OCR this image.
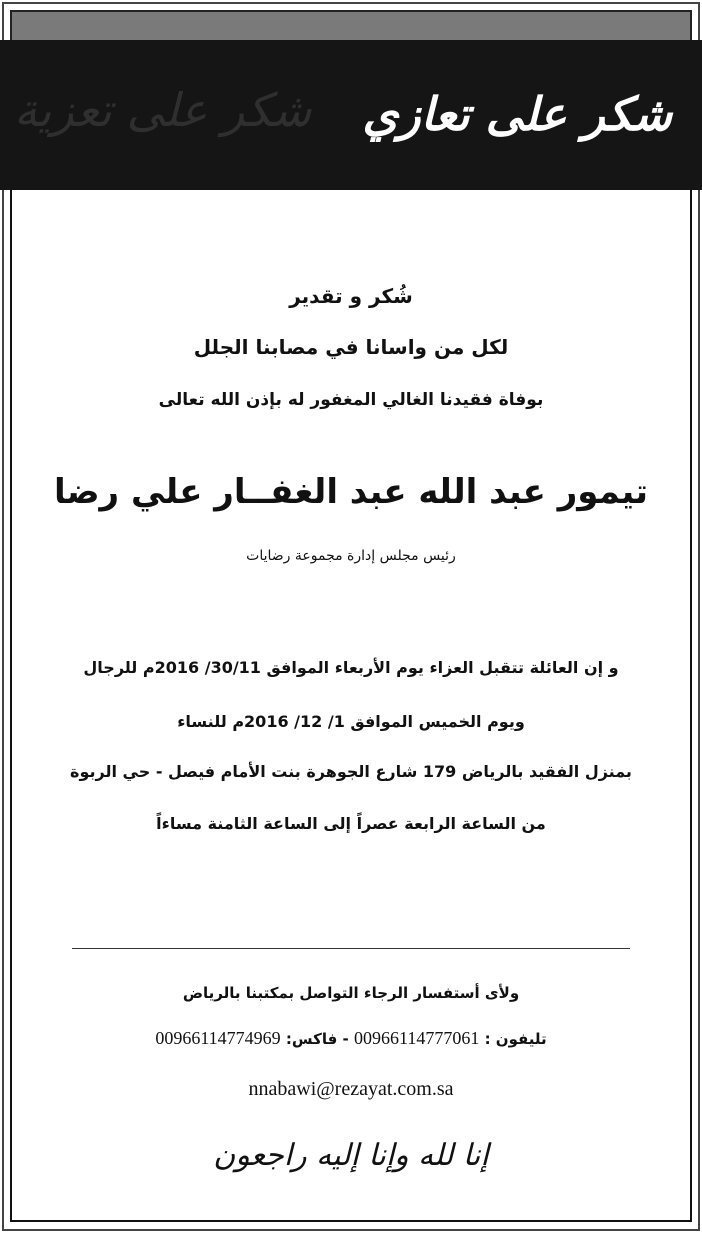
شكر على تعزية	شكر على تعازي
شُكر و تقدير
لكل من واسانا في مصابنا الجلل
بوفاة فقيدنا الغالي المغفور له بإذن الله تعالى
تيمور عبد الله عبد الغفــار علي رضا
رئيس مجلس إدارة مجموعة رضايات
و إن العائلة تتقبل العزاء يوم الأربعاء الموافق 30/11/ 2016م للرجال
ويوم الخميس الموافق 1/ 12/ 2016م للنساء
بمنزل الفقيد بالرياض 179 شارع الجوهرة بنت الأمام فيصل - حي الربوة
من الساعة الرابعة عصراً إلى الساعة الثامنة مساءاً
ولأى أستفسار الرجاء التواصل بمكتبنا بالرياض
تليفون : 00966114777061 - فاكس: 00966114774969
nnabawi@rezayat.com.sa
إنا لله وإنا إليه راجعون
